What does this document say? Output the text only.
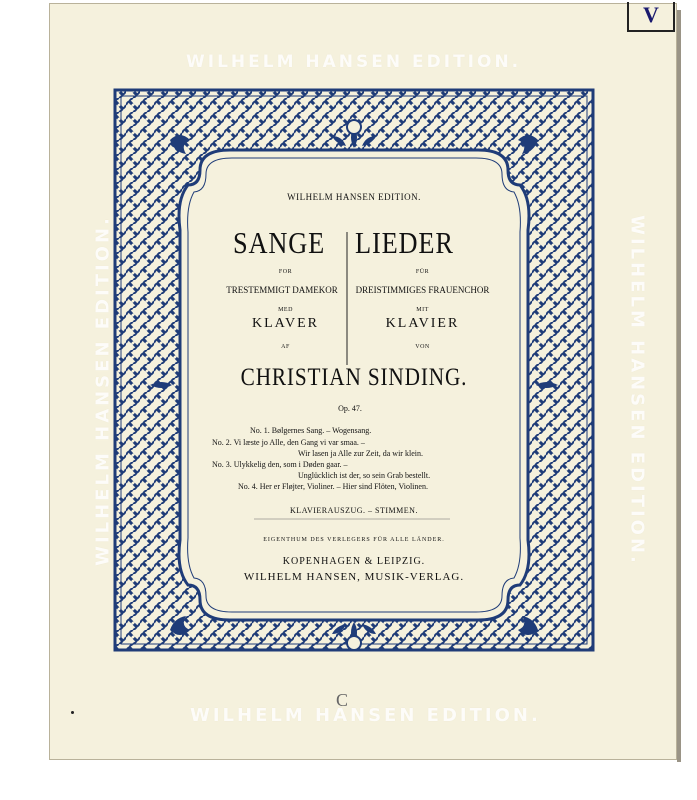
V
WILHELM HANSEN EDITION.
WILHELM HANSEN EDITION.
WILHELM HANSEN EDITION.	WILHELM HANSEN EDITION.
WILHELM HANSEN EDITION.
SANGE LIEDER
FOR	FÜR
TRESTEMMIGT DAMEKOR	DREISTIMMIGES FRAUENCHOR
MED	MIT
KLAVER	KLAVIER
AF	VON
CHRISTIAN SINDING.
Op. 47.
No. 1. Bølgernes Sang. – Wogensang.
No. 2. Vi læste jo Alle, den Gang vi var smaa. –
Wir lasen ja Alle zur Zeit, da wir klein.
No. 3. Ulykkelig den, som i Døden gaar. –
Unglücklich ist der, so sein Grab bestellt.
No. 4. Her er Fløjter, Violiner. – Hier sind Flöten, Violinen.
KLAVIERAUSZUG. – STIMMEN.
EIGENTHUM DES VERLEGERS FÜR ALLE LÄNDER.
KOPENHAGEN & LEIPZIG.
WILHELM HANSEN, MUSIK-VERLAG.
C
